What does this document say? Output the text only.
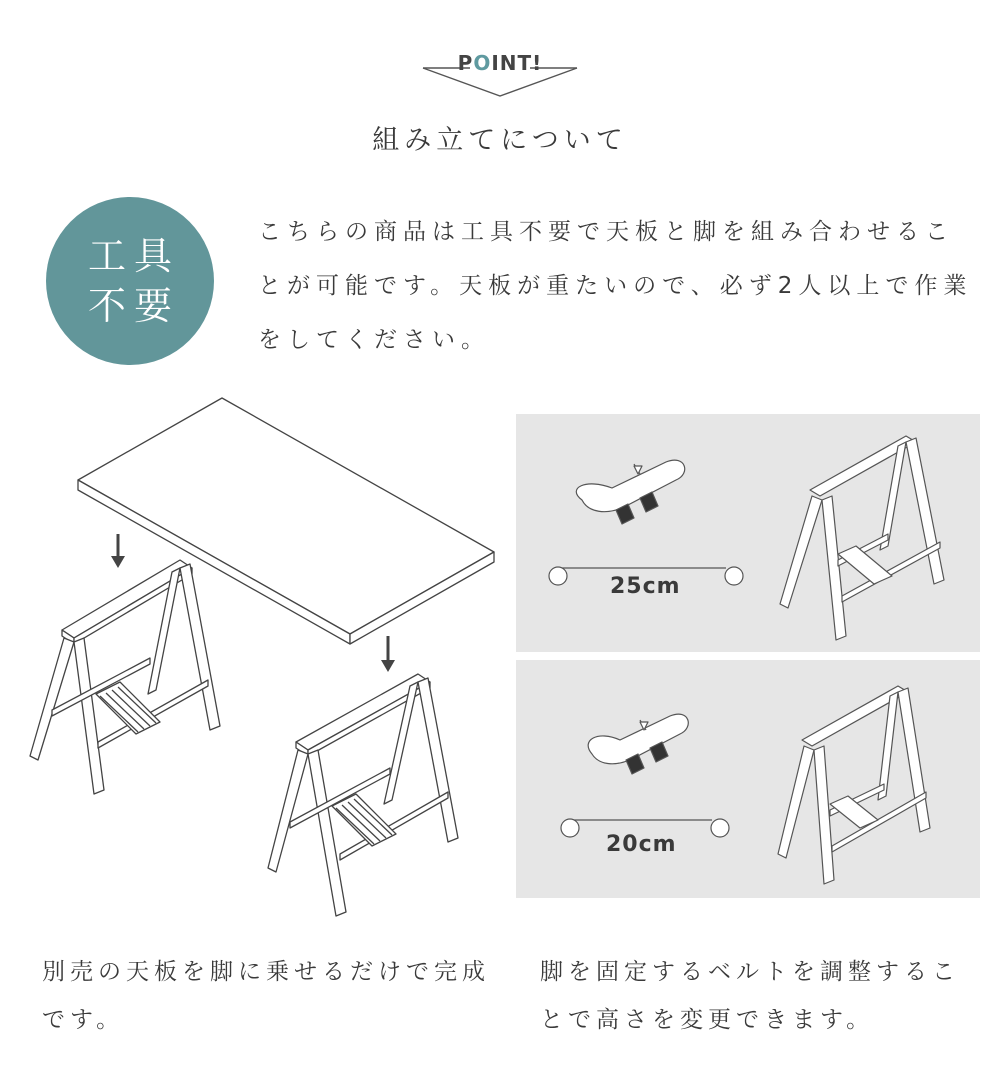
POINT!
組み立てについて
工具
不要
こちらの商品は工具不要で天板と脚を組み合わせることが可能です。天板が重たいので、必ず2人以上で作業をしてください。
25cm
20cm
別売の天板を脚に乗せるだけで完成です。
脚を固定するベルトを調整することで高さを変更できます。
